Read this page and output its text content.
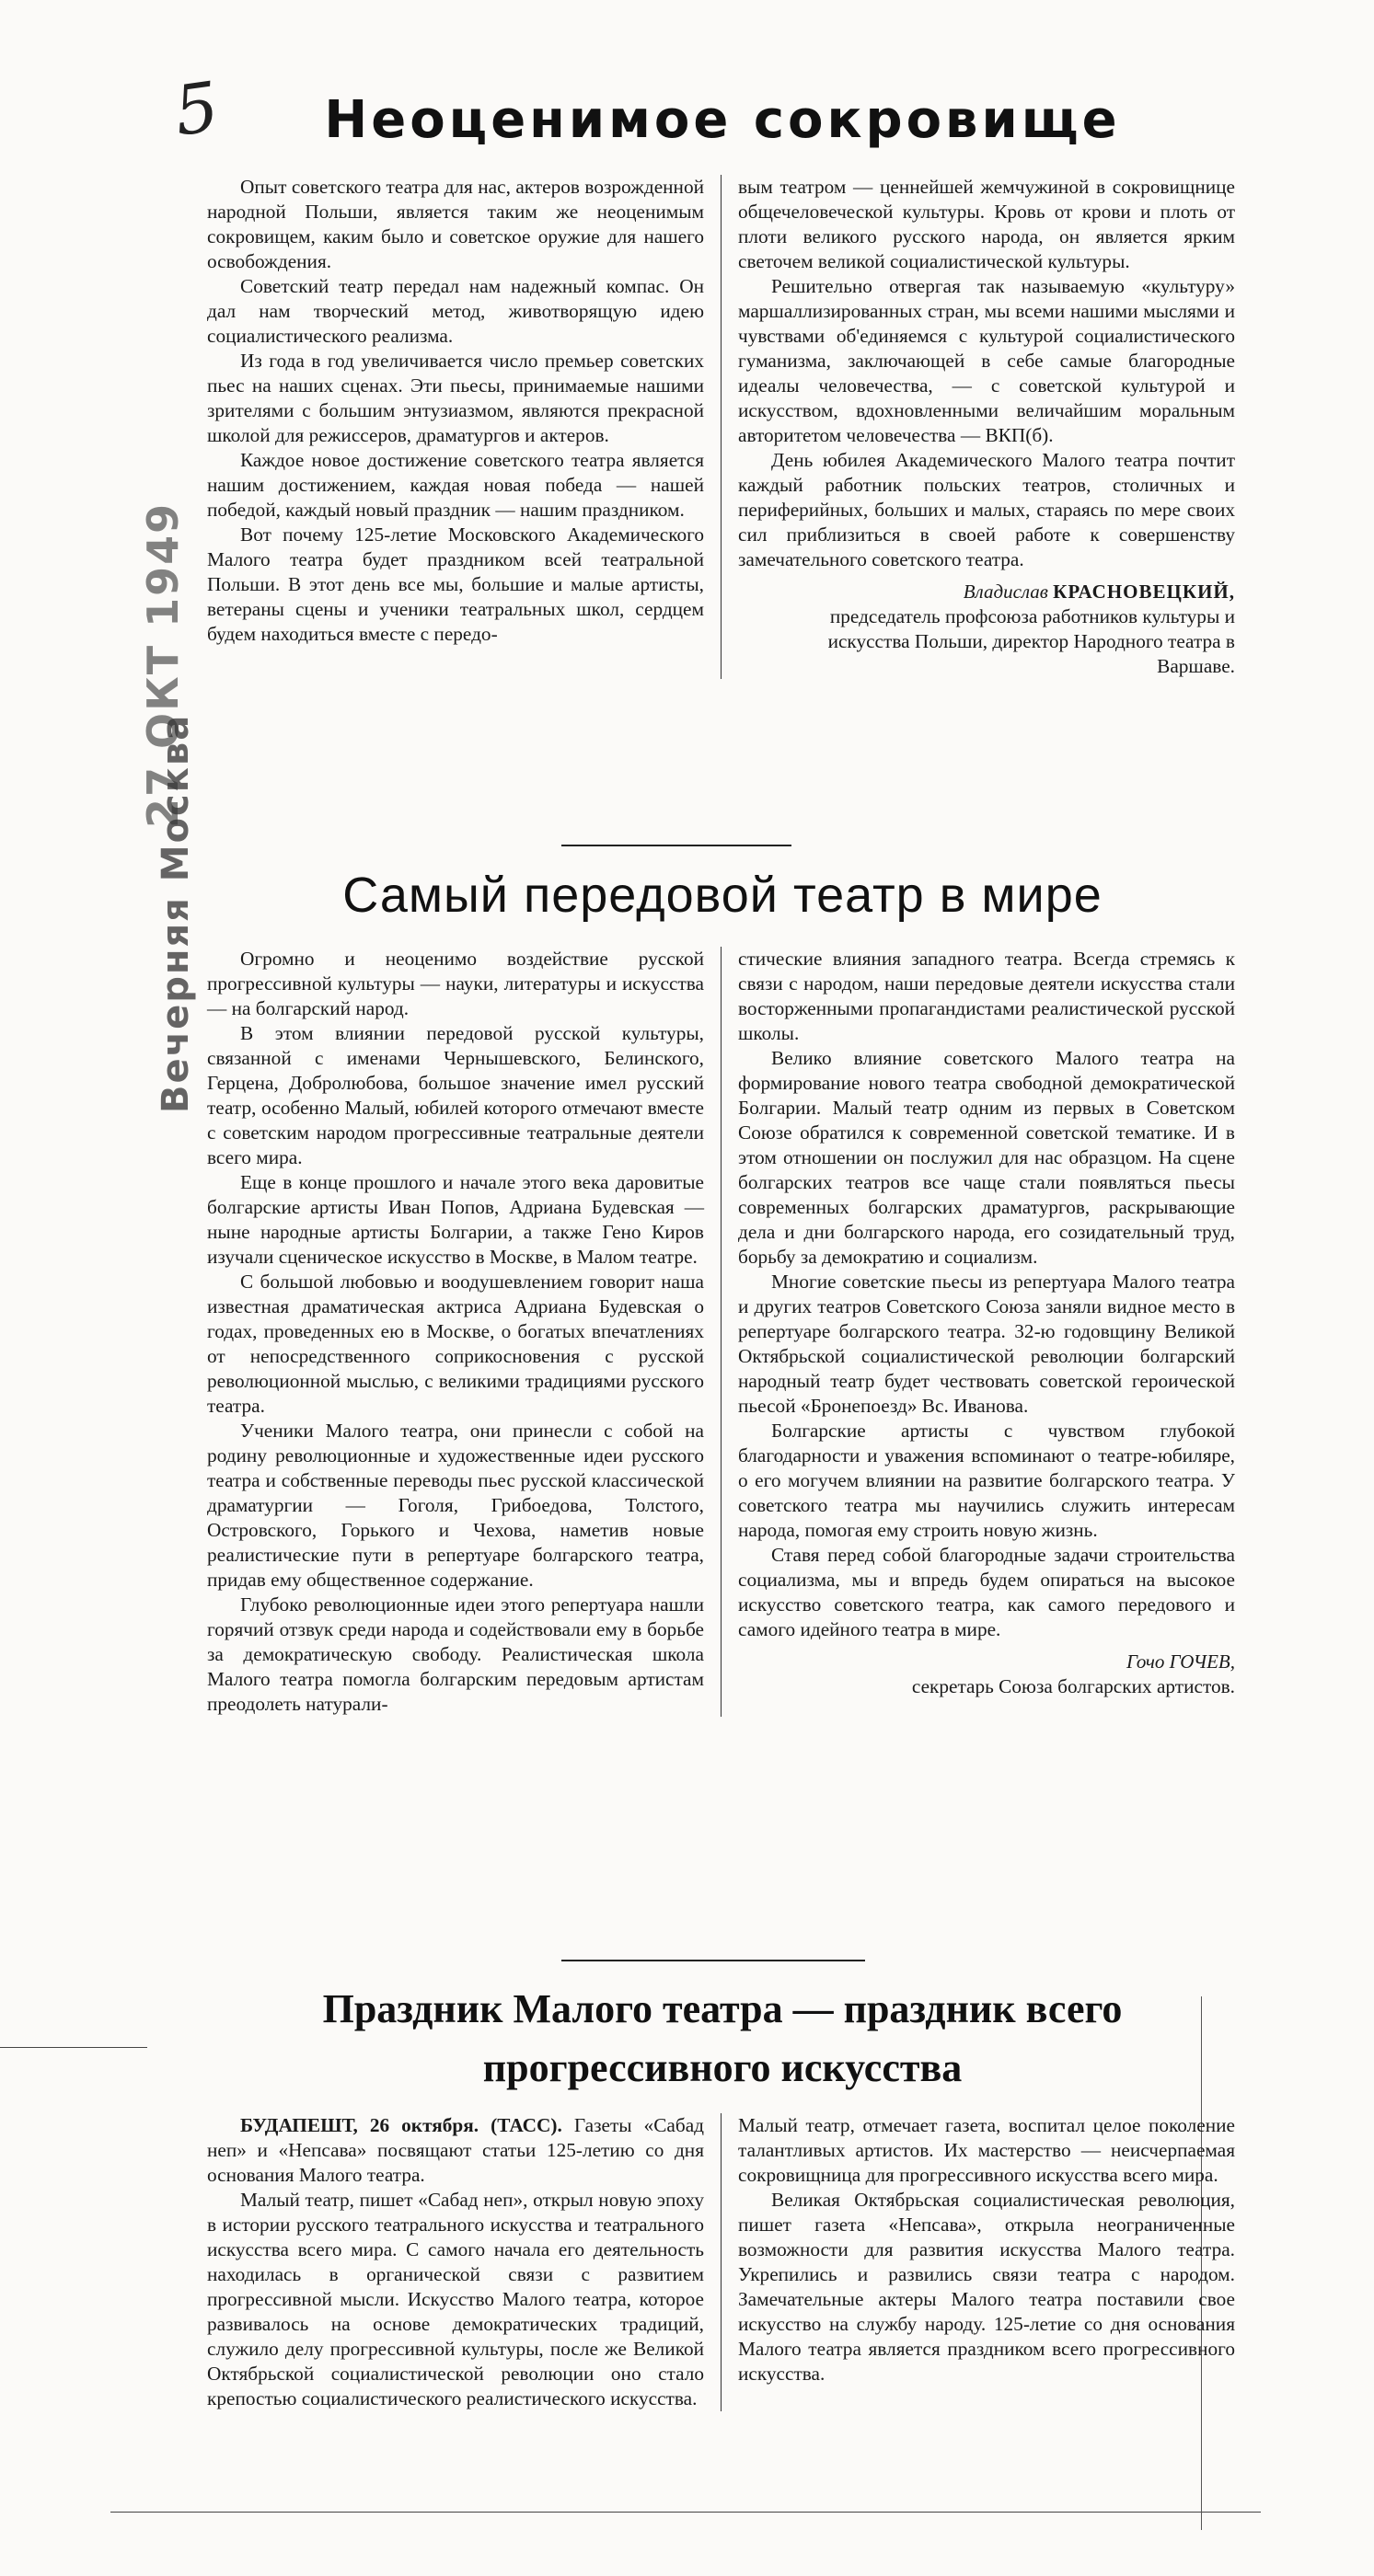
5
27 ОКТ 1949
Вечерняя Москва
Неоценимое сокровище

Опыт советского театра для нас, актеров возрожденной народной Польши, является таким же неоценимым сокровищем, каким было и советское оружие для нашего освобождения.

Советский театр передал нам надежный компас. Он дал нам творческий метод, животворящую идею социалистического реализма.

Из года в год увеличивается число премьер советских пьес на наших сценах. Эти пьесы, принимаемые нашими зрителями с большим энтузиазмом, являются прекрасной школой для режиссеров, драматургов и актеров.

Каждое новое достижение советского театра является нашим достижением, каждая новая победа — нашей победой, каждый новый праздник — нашим праздником.

Вот почему 125-летие Московского Академического Малого театра будет праздником всей театральной Польши. В этот день все мы, большие и малые артисты, ветераны сцены и ученики театральных школ, сердцем будем находиться вместе с передо-

вым театром — ценнейшей жемчужиной в сокровищнице общечеловеческой культуры. Кровь от крови и плоть от плоти великого русского народа, он является ярким светочем великой социалистической культуры.

Решительно отвергая так называемую «культуру» маршаллизированных стран, мы всеми нашими мыслями и чувствами об'единяемся с культурой социалистического гуманизма, заключающей в себе самые благородные идеалы человечества, — с советской культурой и искусством, вдохновленными величайшим моральным авторитетом человечества — ВКП(б).

День юбилея Академического Малого театра почтит каждый работник польских театров, столичных и периферийных, больших и малых, стараясь по мере своих сил приблизиться в своей работе к совершенству замечательного советского театра.

Владислав КРАСНОВЕЦКИЙ,
председатель профсоюза работников культуры и искусства Польши, директор Народного театра в Варшаве.
Самый передовой театр в мире

Огромно и неоценимо воздействие русской прогрессивной культуры — науки, литературы и искусства — на болгарский народ.

В этом влиянии передовой русской культуры, связанной с именами Чернышевского, Белинского, Герцена, Добролюбова, большое значение имел русский театр, особенно Малый, юбилей которого отмечают вместе с советским народом прогрессивные театральные деятели всего мира.

Еще в конце прошлого и начале этого века даровитые болгарские артисты Иван Попов, Адриана Будевская — ныне народные артисты Болгарии, а также Гено Киров изучали сценическое искусство в Москве, в Малом театре.

С большой любовью и воодушевлением говорит наша известная драматическая актриса Адриана Будевская о годах, проведенных ею в Москве, о богатых впечатлениях от непосредственного соприкосновения с русской революционной мыслью, с великими традициями русского театра.

Ученики Малого театра, они принесли с собой на родину революционные и художественные идеи русского театра и собственные переводы пьес русской классической драматургии — Гоголя, Грибоедова, Толстого, Островского, Горького и Чехова, наметив новые реалистические пути в репертуаре болгарского театра, придав ему общественное содержание.

Глубоко революционные идеи этого репертуара нашли горячий отзвук среди народа и содействовали ему в борьбе за демократическую свободу. Реалистическая школа Малого театра помогла болгарским передовым артистам преодолеть натурали-

стические влияния западного театра. Всегда стремясь к связи с народом, наши передовые деятели искусства стали восторженными пропагандистами реалистической русской школы.

Велико влияние советского Малого театра на формирование нового театра свободной демократической Болгарии. Малый театр одним из первых в Советском Союзе обратился к современной советской тематике. И в этом отношении он послужил для нас образцом. На сцене болгарских театров все чаще стали появляться пьесы современных болгарских драматургов, раскрывающие дела и дни болгарского народа, его созидательный труд, борьбу за демократию и социализм.

Многие советские пьесы из репертуара Малого театра и других театров Советского Союза заняли видное место в репертуаре болгарского театра. 32-ю годовщину Великой Октябрьской социалистической революции болгарский народный театр будет чествовать советской героической пьесой «Бронепоезд» Вс. Иванова.

Болгарские артисты с чувством глубокой благодарности и уважения вспоминают о театре-юбиляре, о его могучем влиянии на развитие болгарского театра. У советского театра мы научились служить интересам народа, помогая ему строить новую жизнь.

Ставя перед собой благородные задачи строительства социализма, мы и впредь будем опираться на высокое искусство советского театра, как самого передового и самого идейного театра в мире.

Гочо ГОЧЕВ,
секретарь Союза болгарских артистов.
Праздник Малого театра — праздник всего
прогрессивного искусства

БУДАПЕШТ, 26 октября. (ТАСС). Газеты «Сабад неп» и «Непсава» посвящают статьи 125-летию со дня основания Малого театра.

Малый театр, пишет «Сабад неп», открыл новую эпоху в истории русского театрального искусства и театрального искусства всего мира. С самого начала его деятельность находилась в органической связи с развитием прогрессивной мысли. Искусство Малого театра, которое развивалось на основе демократических традиций, служило делу прогрессивной культуры, после же Великой Октябрьской социалистической революции оно стало крепостью социалистического реалистического искусства.

Малый театр, отмечает газета, воспитал целое поколение талантливых артистов. Их мастерство — неисчерпаемая сокровищница для прогрессивного искусства всего мира.

Великая Октябрьская социалистическая революция, пишет газета «Непсава», открыла неограниченные возможности для развития искусства Малого театра. Укрепились и развились связи театра с народом. Замечательные актеры Малого театра поставили свое искусство на службу народу. 125-летие со дня основания Малого театра является праздником всего прогрессивного искусства.
